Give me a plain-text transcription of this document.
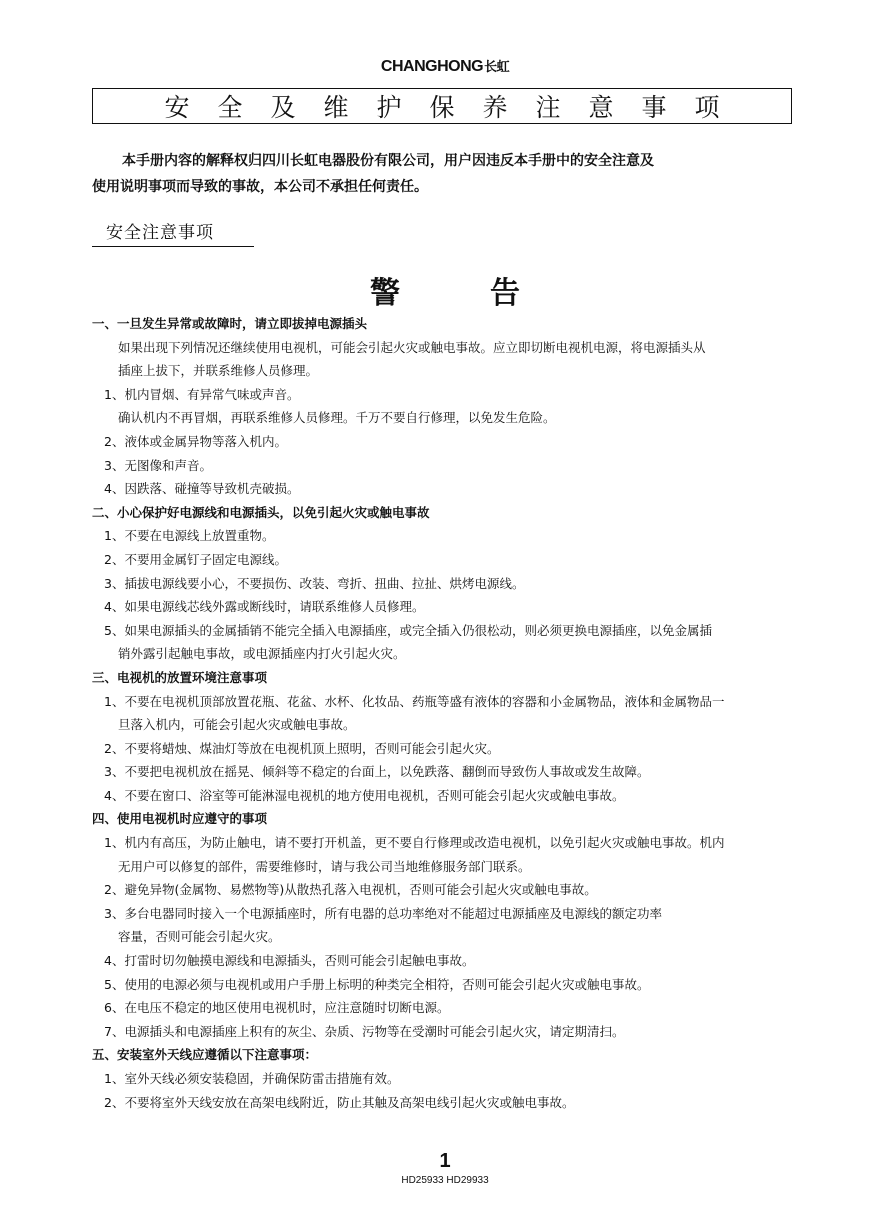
CHANGHONG长虹
安全及维护保养注意事项

本手册内容的解释权归四川长虹电器股份有限公司，用户因违反本手册中的安全注意及

使用说明事项而导致的事故，本公司不承担任何责任。

安全注意事项
警	告
一、一旦发生异常或故障时，请立即拔掉电源插头
如果出现下列情况还继续使用电视机，可能会引起火灾或触电事故。应立即切断电视机电源，将电源插头从
插座上拔下，并联系维修人员修理。
1、机内冒烟、有异常气味或声音。
确认机内不再冒烟，再联系维修人员修理。千万不要自行修理，以免发生危险。
2、液体或金属异物等落入机内。
3、无图像和声音。
4、因跌落、碰撞等导致机壳破损。
二、小心保护好电源线和电源插头，以免引起火灾或触电事故
1、不要在电源线上放置重物。
2、不要用金属钉子固定电源线。
3、插拔电源线要小心，不要损伤、改装、弯折、扭曲、拉扯、烘烤电源线。
4、如果电源线芯线外露或断线时，请联系维修人员修理。
5、如果电源插头的金属插销不能完全插入电源插座，或完全插入仍很松动，则必须更换电源插座，以免金属插
销外露引起触电事故，或电源插座内打火引起火灾。
三、电视机的放置环境注意事项
1、不要在电视机顶部放置花瓶、花盆、水杯、化妆品、药瓶等盛有液体的容器和小金属物品，液体和金属物品一
旦落入机内，可能会引起火灾或触电事故。
2、不要将蜡烛、煤油灯等放在电视机顶上照明，否则可能会引起火灾。
3、不要把电视机放在摇晃、倾斜等不稳定的台面上，以免跌落、翻倒而导致伤人事故或发生故障。
4、不要在窗口、浴室等可能淋湿电视机的地方使用电视机，否则可能会引起火灾或触电事故。
四、使用电视机时应遵守的事项
1、机内有高压，为防止触电，请不要打开机盖，更不要自行修理或改造电视机，以免引起火灾或触电事故。机内
无用户可以修复的部件，需要维修时，请与我公司当地维修服务部门联系。
2、避免异物(金属物、易燃物等)从散热孔落入电视机，否则可能会引起火灾或触电事故。
3、多台电器同时接入一个电源插座时，所有电器的总功率绝对不能超过电源插座及电源线的额定功率
容量，否则可能会引起火灾。
4、打雷时切勿触摸电源线和电源插头，否则可能会引起触电事故。
5、使用的电源必须与电视机或用户手册上标明的种类完全相符，否则可能会引起火灾或触电事故。
6、在电压不稳定的地区使用电视机时，应注意随时切断电源。
7、电源插头和电源插座上积有的灰尘、杂质、污物等在受潮时可能会引起火灾，请定期清扫。
五、安装室外天线应遵循以下注意事项：
1、室外天线必须安装稳固，并确保防雷击措施有效。
2、不要将室外天线安放在高架电线附近，防止其触及高架电线引起火灾或触电事故。
1
HD25933 HD29933
